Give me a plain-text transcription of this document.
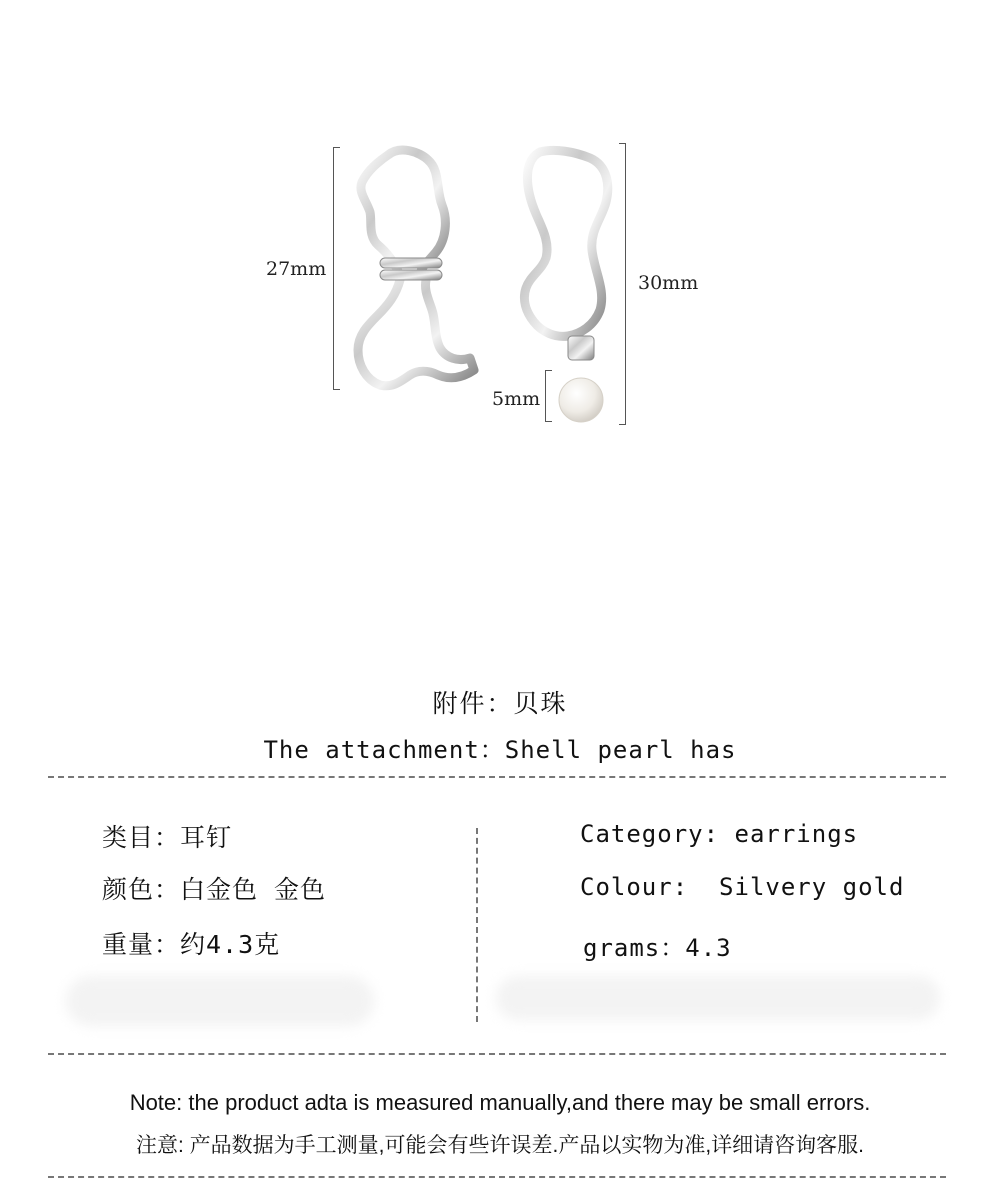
27mm
30mm
5mm
附件：贝珠
The attachment：Shell pearl has
类目：耳钉
颜色：白金色 金色
重量：约4.3克
Category: earrings
Colour:  Silvery gold
grams：4.3
Note: the product adta is measured manually,and there may be small errors.
注意: 产品数据为手工测量,可能会有些许误差.产品以实物为准,详细请咨询客服.
